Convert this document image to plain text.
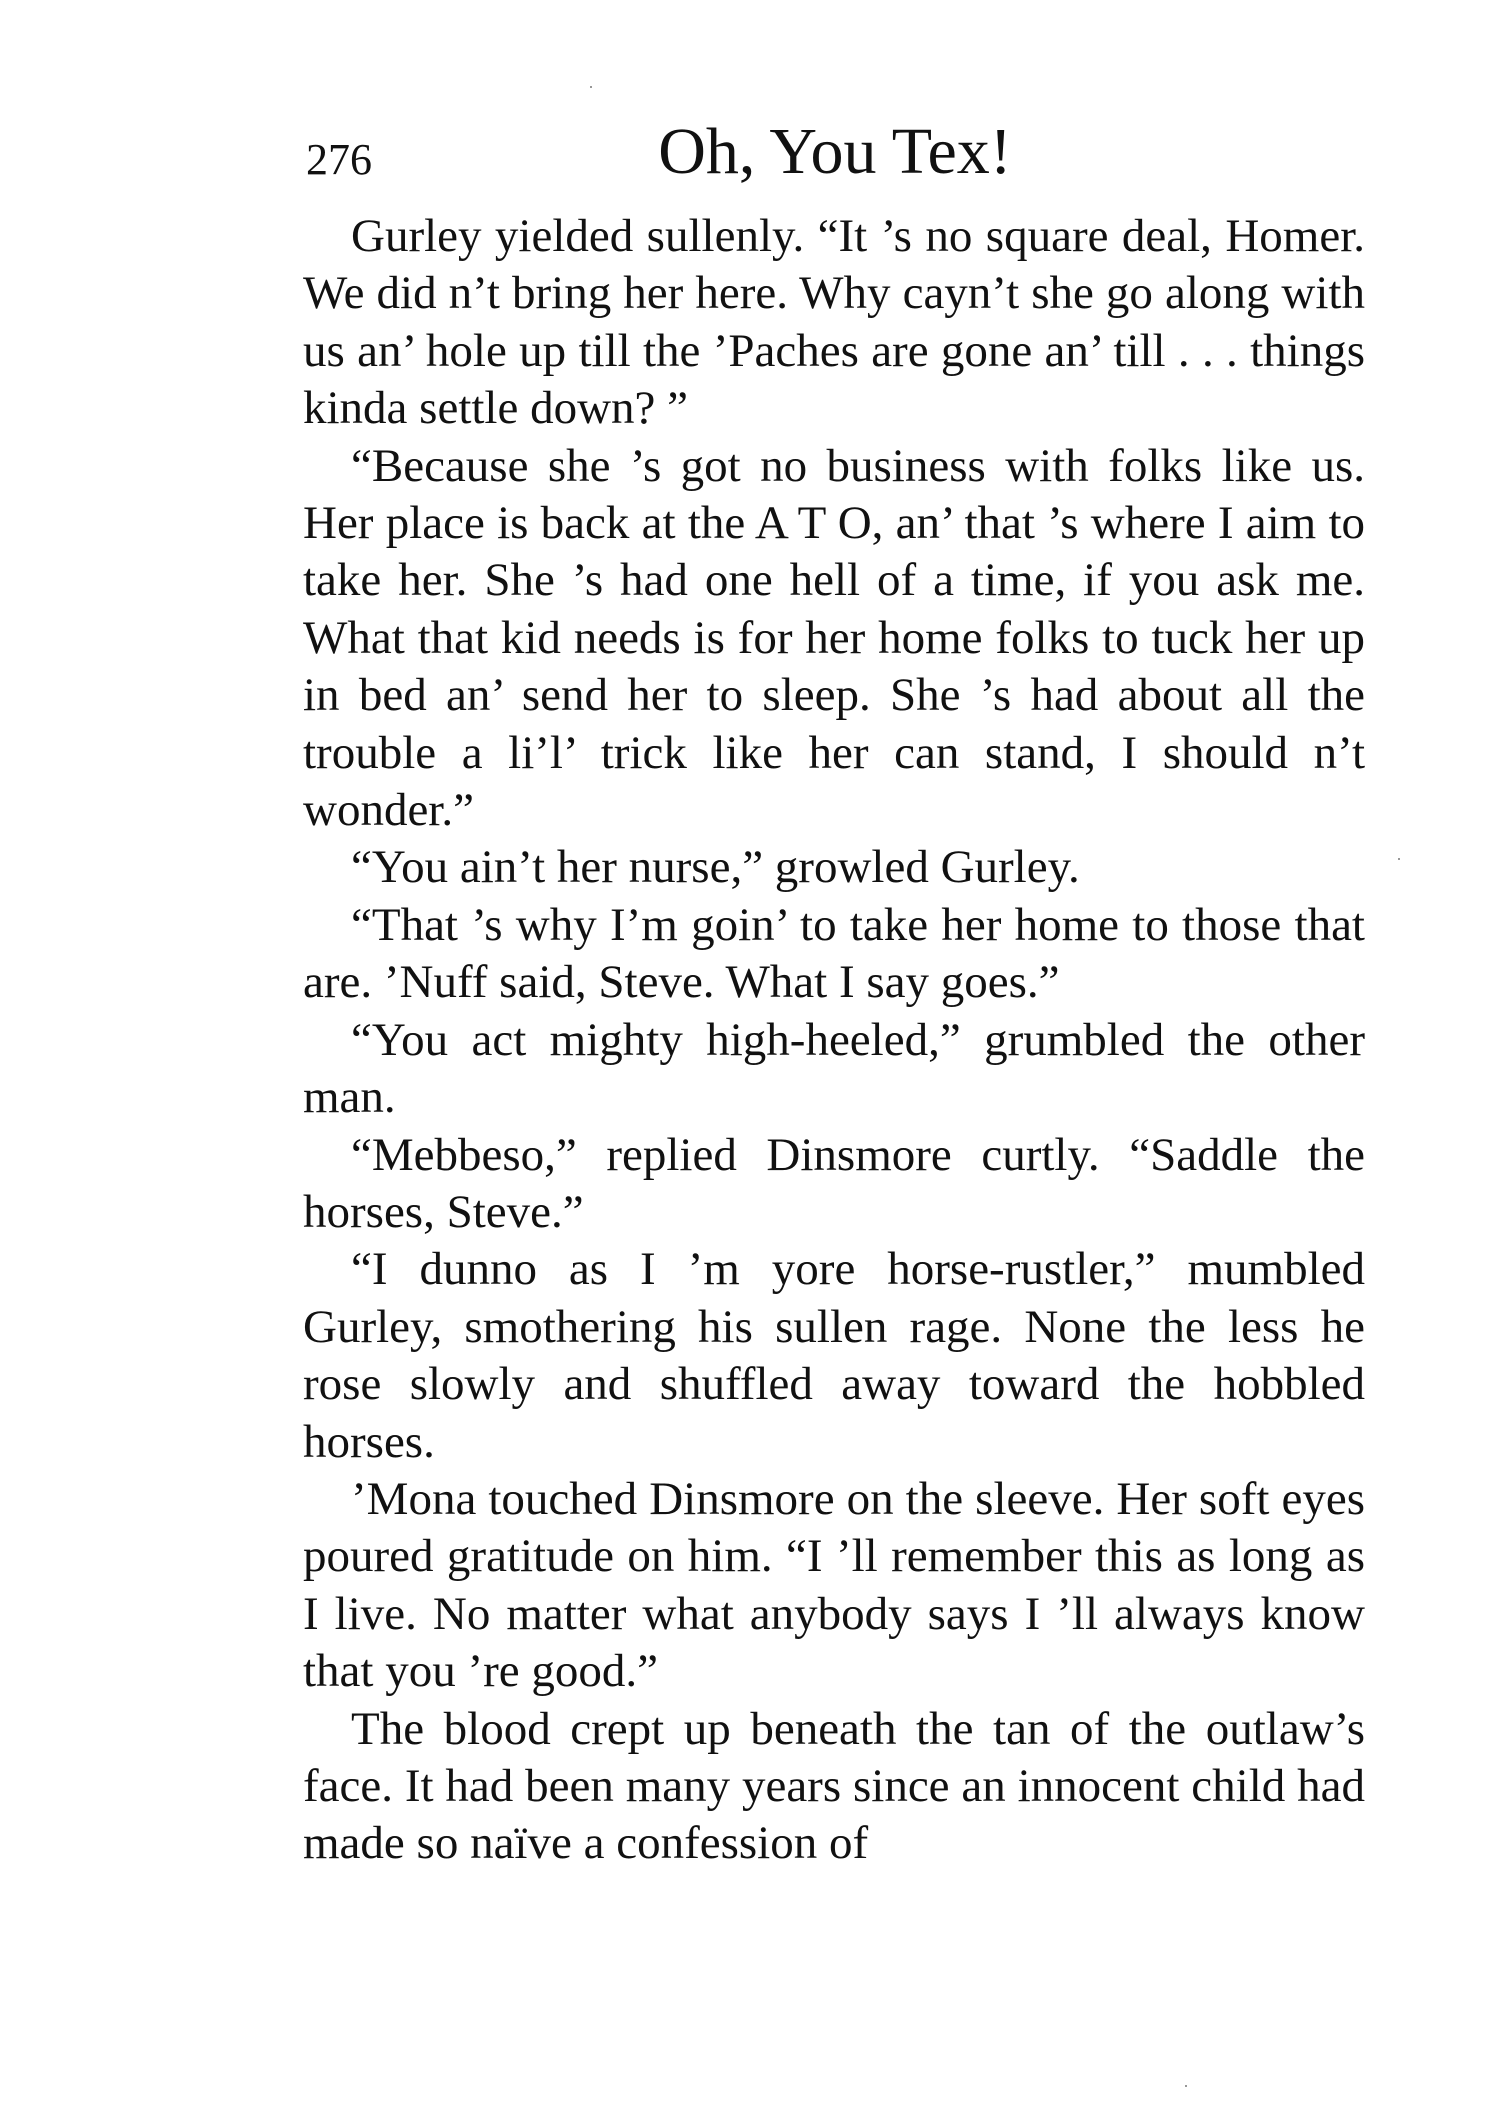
276	Oh, You Tex!

Gurley yielded sullenly. “It ’s no square deal, Homer. We did n’t bring her here. Why cayn’t she go along with us an’ hole up till the ’Paches are gone an’ till . . . things kinda settle down? ”

“Because she ’s got no business with folks like us. Her place is back at the A T O, an’ that ’s where I aim to take her. She ’s had one hell of a time, if you ask me. What that kid needs is for her home folks to tuck her up in bed an’ send her to sleep. She ’s had about all the trouble a li’l’ trick like her can stand, I should n’t wonder.”

“You ain’t her nurse,” growled Gurley.

“That ’s why I’m goin’ to take her home to those that are. ’Nuff said, Steve. What I say goes.”

“You act mighty high-heeled,” grumbled the other man.

“Mebbeso,” replied Dinsmore curtly. “Saddle the horses, Steve.”

“I dunno as I ’m yore horse-rustler,” mumbled Gurley, smothering his sullen rage. None the less he rose slowly and shuffled away toward the hobbled horses.

’Mona touched Dinsmore on the sleeve. Her soft eyes poured gratitude on him. “I ’ll remember this as long as I live. No matter what anybody says I ’ll always know that you ’re good.”

The blood crept up beneath the tan of the outlaw’s face. It had been many years since an innocent child had made so naïve a confession of
